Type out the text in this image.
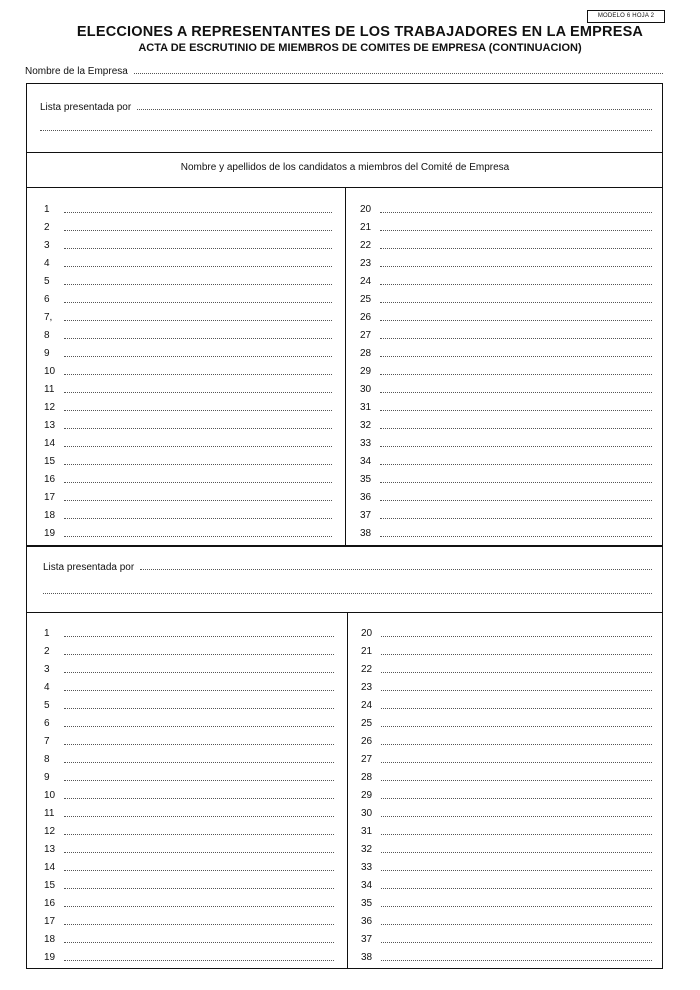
MODELO 6 HOJA 2
ELECCIONES A REPRESENTANTES DE LOS TRABAJADORES EN LA EMPRESA
ACTA DE ESCRUTINIO DE MIEMBROS DE COMITES DE EMPRESA (CONTINUACION)
Nombre de la Empresa
Lista presentada por
Nombre y apellidos de los candidatos a miembros del Comité de Empresa
1
2
3
4
5
6
7,
8
9
10
11
12
13
14
15
16
17
18
19
20
21
22
23
24
25
26
27
28
29
30
31
32
33
34
35
36
37
38
Lista presentada por
1
2
3
4
5
6
7
8
9
10
11
12
13
14
15
16
17
18
19
20
21
22
23
24
25
26
27
28
29
30
31
32
33
34
35
36
37
38
